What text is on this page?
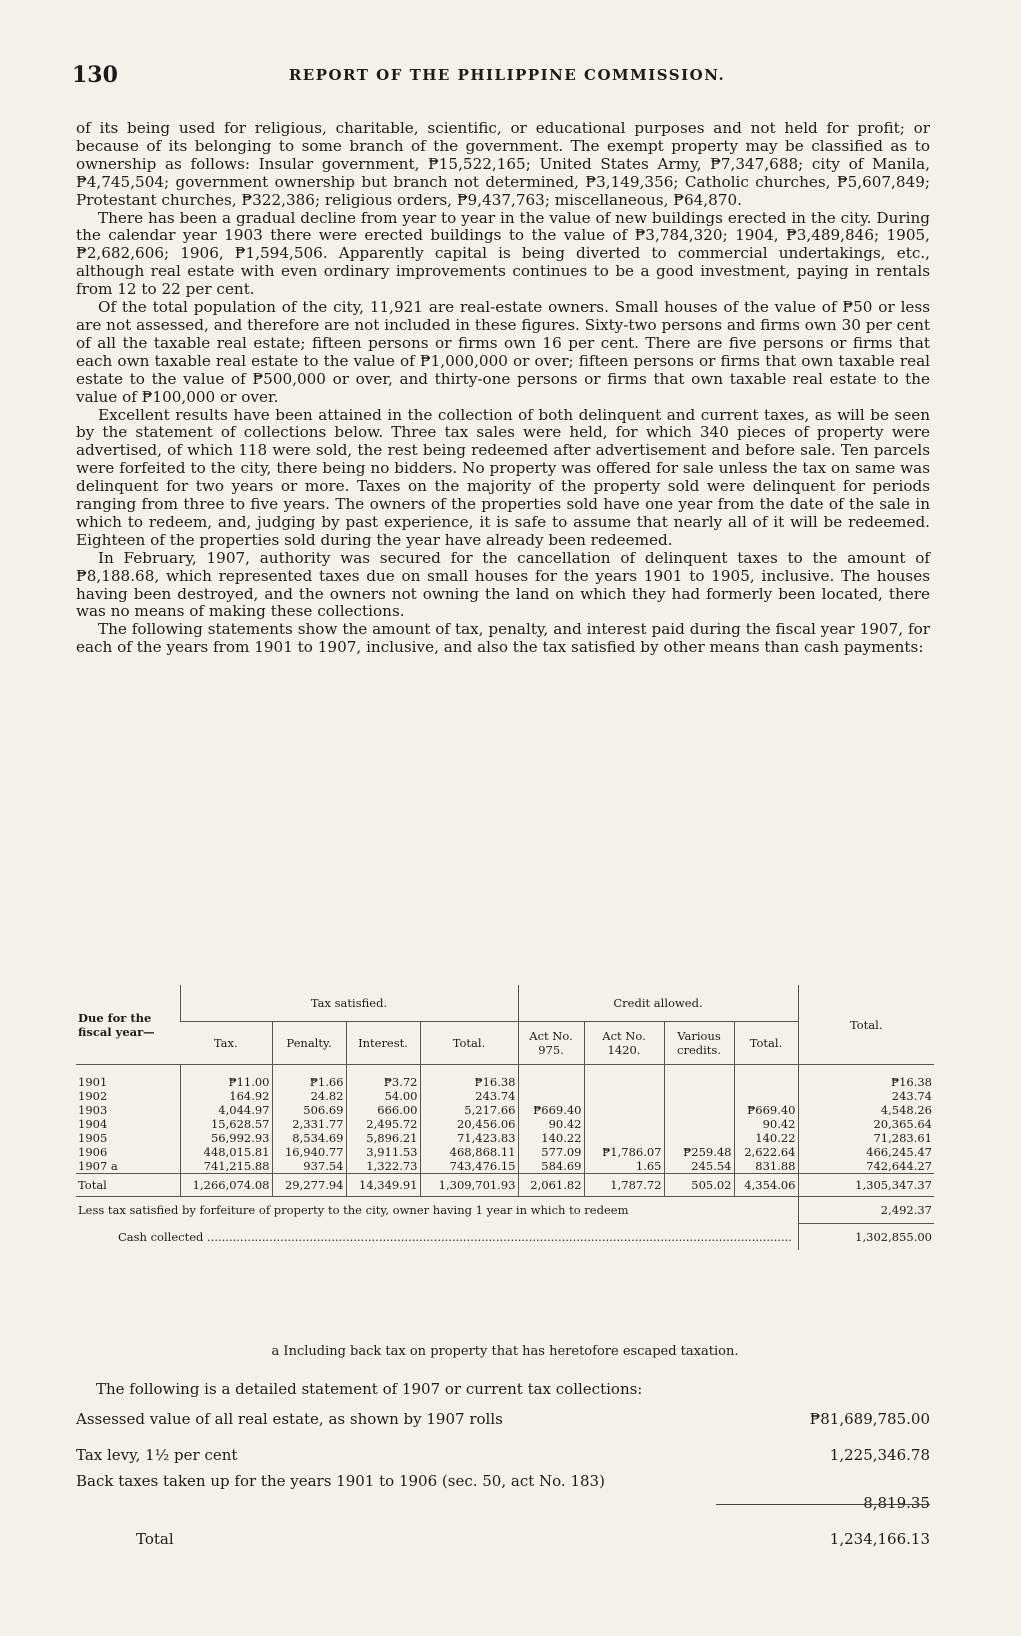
130	REPORT OF THE PHILIPPINE COMMISSION.

of its being used for religious, charitable, scientific, or educational purposes and not held for profit; or because of its belonging to some branch of the government. The exempt property may be classified as to ownership as follows: Insular government, ₱15,522,165; United States Army, ₱7,347,688; city of Manila, ₱4,745,504; government ownership but branch not determined, ₱3,149,356; Catholic churches, ₱5,607,849; Protestant churches, ₱322,386; religious orders, ₱9,437,763; miscellaneous, ₱64,870.

There has been a gradual decline from year to year in the value of new buildings erected in the city. During the calendar year 1903 there were erected buildings to the value of ₱3,784,320; 1904, ₱3,489,846; 1905, ₱2,682,606; 1906, ₱1,594,506. Apparently capital is being diverted to commercial undertakings, etc., although real estate with even ordinary improvements continues to be a good investment, paying in rentals from 12 to 22 per cent.

Of the total population of the city, 11,921 are real-estate owners. Small houses of the value of ₱50 or less are not assessed, and therefore are not included in these figures. Sixty-two persons and firms own 30 per cent of all the taxable real estate; fifteen persons or firms own 16 per cent. There are five persons or firms that each own taxable real estate to the value of ₱1,000,000 or over; fifteen persons or firms that own taxable real estate to the value of ₱500,000 or over, and thirty-one persons or firms that own taxable real estate to the value of ₱100,000 or over.

Excellent results have been attained in the collection of both delinquent and current taxes, as will be seen by the statement of collections below. Three tax sales were held, for which 340 pieces of property were advertised, of which 118 were sold, the rest being redeemed after advertisement and before sale. Ten parcels were forfeited to the city, there being no bidders. No property was offered for sale unless the tax on same was delinquent for two years or more. Taxes on the majority of the property sold were delinquent for periods ranging from three to five years. The owners of the properties sold have one year from the date of the sale in which to redeem, and, judging by past experience, it is safe to assume that nearly all of it will be redeemed. Eighteen of the properties sold during the year have already been redeemed.

In February, 1907, authority was secured for the cancellation of delinquent taxes to the amount of ₱8,188.68, which represented taxes due on small houses for the years 1901 to 1905, inclusive. The houses having been destroyed, and the owners not owning the land on which they had formerly been located, there was no means of making these collections.

The following statements show the amount of tax, penalty, and interest paid during the fiscal year 1907, for each of the years from 1901 to 1907, inclusive, and also the tax satisfied by other means than cash payments:

Due for the fiscal year—	Tax satisfied.				Credit allowed.				Total.
	Tax.	Penalty.	Interest.	Total.	Act No. 975.	Act No. 1420.	Various credits.	Total.	
1901	₱11.00	₱1.66	₱3.72	₱16.38					₱16.38
1902	164.92	24.82	54.00	243.74					243.74
1903	4,044.97	506.69	666.00	5,217.66	₱669.40			₱669.40	4,548.26
1904	15,628.57	2,331.77	2,495.72	20,456.06	90.42			90.42	20,365.64
1905	56,992.93	8,534.69	5,896.21	71,423.83	140.22			140.22	71,283.61
1906	448,015.81	16,940.77	3,911.53	468,868.11	577.09	₱1,786.07	₱259.48	2,622.64	466,245.47
1907 a	741,215.88	937.54	1,322.73	743,476.15	584.69	1.65	245.54	831.88	742,644.27
Total	1,266,074.08	29,277.94	14,349.91	1,309,701.93	2,061.82	1,787.72	505.02	4,354.06	1,305,347.37

Less tax satisfied by forfeiture of property to the city, owner having 1 year in which to redeem									2,492.37

Cash collected .....									1,302,855.00
a Including back tax on property that has heretofore escaped taxation.
The following is a detailed statement of 1907 or current tax collections:
Assessed value of all real estate, as shown by 1907 rolls	₱81,689,785.00
Tax levy, 1½ per cent	1,225,346.78
Back taxes taken up for the years 1901 to 1906 (sec. 50, act No. 183)
8,819.35
Total	1,234,166.13
